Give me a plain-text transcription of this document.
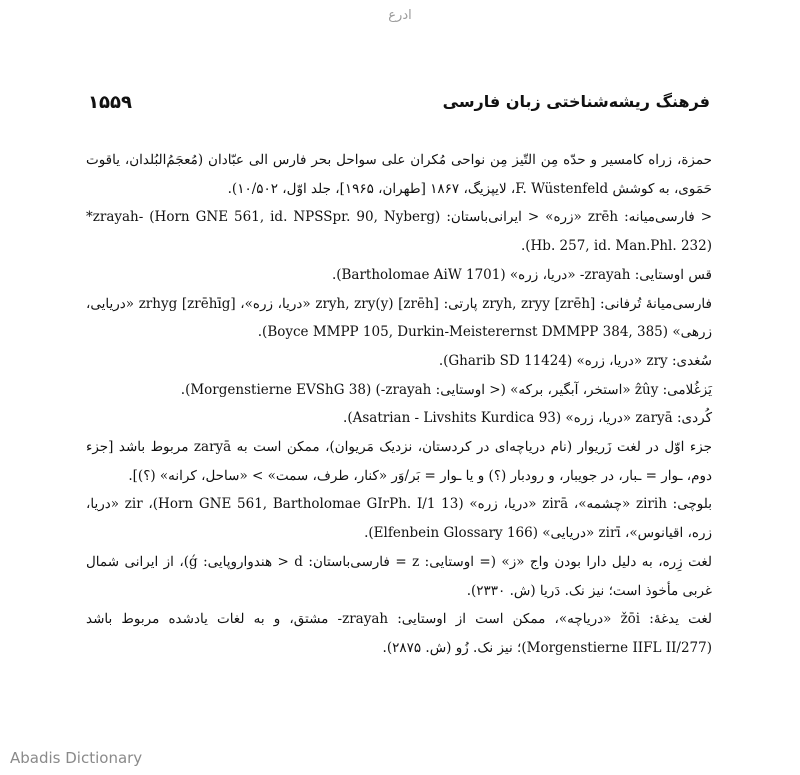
ادرع
۱۵۵۹	فرهنگ ریشه‌شناختی زبان فارسی

حمزة، زراه کامسیر و حدّه مِن التّیز مِن نواحی مُکران علی سواحل بحر فارس الی عبّادان (مُعجَمُ‌البُلدان، یاقوت حَمَوی، به کوشش F. Wüstenfeld، لایپزیگ، ۱۸۶۷ [طهران، ۱۹۶۵]، جلد اوّل، ۱۰/۵۰۲).

< فارسی‌میانه: zrēh «زره» < ایرانی‌باستان: ‎*zrayah- (Horn GNE 561, id. NPSSpr. 90, Nyberg) (Hb. 257, id. Man.Phl. 232).

قس اوستایی: zrayah- «دریا، زره» (Bartholomae AiW 1701).

فارسی‌میانهٔ تُرفانی: zryh, zryy [zrēh] پارتی: zryh, zry(y) [zrēh] «دریا، زره»، zrhyg [zrēhīg] «دریایی، زرهی» (Boyce MMPP 105, Durkin-Meisterernst DMMPP 384, 385).

سُغدی: zry «دریا، زره» (Gharib SD 11424).

یَزغُلامی: ẑûy «استخر، آبگیر، برکه» (< اوستایی: zrayah-) (Morgenstierne EVShG 38).

کُردی: zaryā «دریا، زره» (Asatrian - Livshits Kurdica 93).

جزء اوّل در لغت زَریوار (نام دریاچه‌ای در کردستان، نزدیک مَریوان)، ممکن است به zaryā مربوط باشد [جزء دوم، ـوار = ـبار، در جویبار، و رودبار (؟) و یا ـوار = بَر/وَر «کنار، طرف، سمت» > «ساحل، کرانه» (؟)].

بلوچی: zirih «چشمه»، zirā «دریا، زره» (Horn GNE 561, Bartholomae GIrPh. I/1 13)، zir «دریا، زره، اقیانوس»، zirī «دریایی» (Elfenbein Glossary 166).

لغت زِره، به دلیل دارا بودن واج «ز» (= اوستایی: z = فارسی‌باستان: d < هندواروپایی: ǵ)، از ایرانی شمال غربی مأخوذ است؛ نیز نک. دَریا (ش. ۲۳۳۰).

لغت یدغهٔ: žōi «دریاچه»، ممکن است از اوستایی: zrayah- مشتق، و به لغات یادشده مربوط باشد (Morgenstierne IIFL II/277)؛ نیز نک. زُو (ش. ۲۸۷۵).

Abadis Dictionary
